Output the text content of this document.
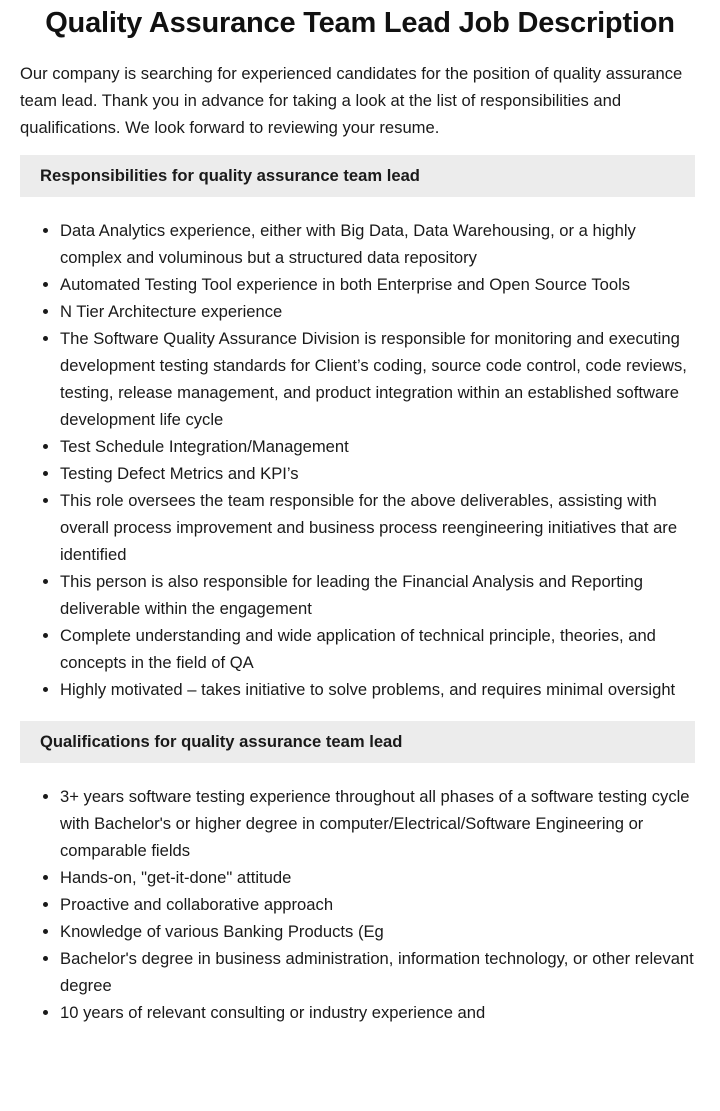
Quality Assurance Team Lead Job Description

Our company is searching for experienced candidates for the position of quality assurance team lead. Thank you in advance for taking a look at the list of responsibilities and qualifications. We look forward to reviewing your resume.

Responsibilities for quality assurance team lead
• Data Analytics experience, either with Big Data, Data Warehousing, or a highly complex and voluminous but a structured data repository
• Automated Testing Tool experience in both Enterprise and Open Source Tools
• N Tier Architecture experience
• The Software Quality Assurance Division is responsible for monitoring and executing development testing standards for Client’s coding, source code control, code reviews, testing, release management, and product integration within an established software development life cycle
• Test Schedule Integration/Management
• Testing Defect Metrics and KPI’s
• This role oversees the team responsible for the above deliverables, assisting with overall process improvement and business process reengineering initiatives that are identified
• This person is also responsible for leading the Financial Analysis and Reporting deliverable within the engagement
• Complete understanding and wide application of technical principle, theories, and concepts in the field of QA
• Highly motivated – takes initiative to solve problems, and requires minimal oversight
Qualifications for quality assurance team lead
• 3+ years software testing experience throughout all phases of a software testing cycle with Bachelor's or higher degree in computer/Electrical/Software Engineering or comparable fields
• Hands-on, "get-it-done" attitude
• Proactive and collaborative approach
• Knowledge of various Banking Products (Eg
• Bachelor's degree in business administration, information technology, or other relevant degree
• 10 years of relevant consulting or industry experience and
